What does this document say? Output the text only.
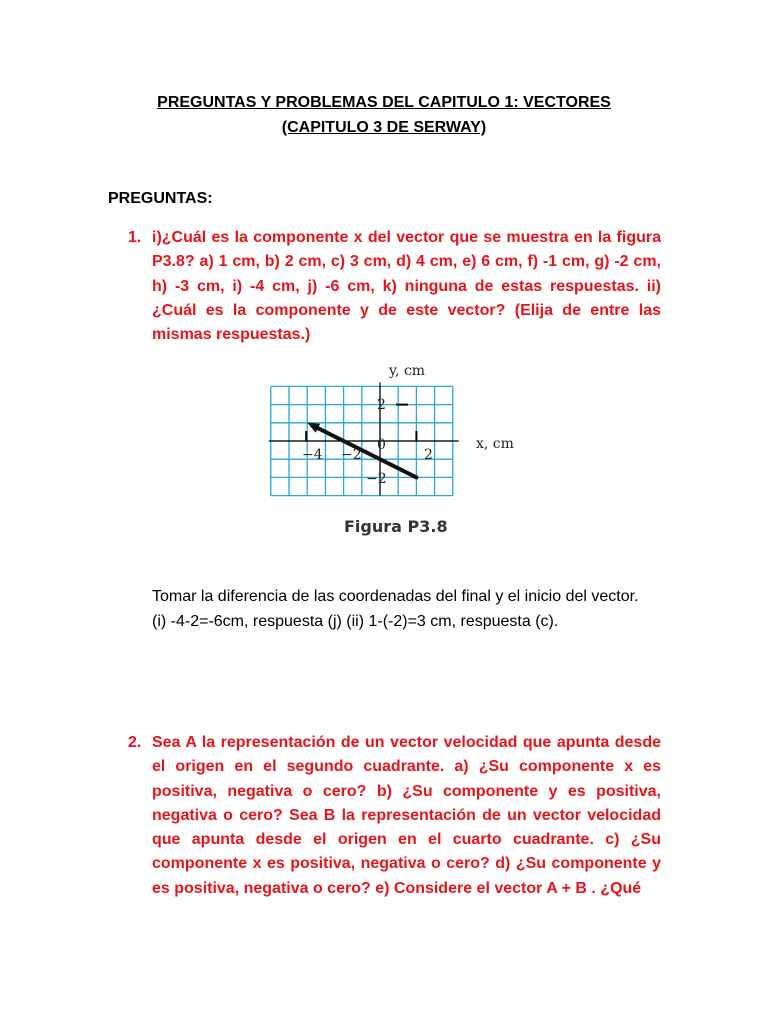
PREGUNTAS Y PROBLEMAS DEL CAPITULO 1: VECTORES
(CAPITULO 3 DE SERWAY)

PREGUNTAS:

1. i)¿Cuál es la componente x del vector que se muestra en la figura P3.8? a) 1 cm, b) 2 cm, c) 3 cm, d) 4 cm, e) 6 cm, f) -1 cm, g) -2 cm, h) -3 cm, i) -4 cm, j) -6 cm, k) ninguna de estas respuestas. ii) ¿Cuál es la componente y de este vector? (Elija de entre las mismas respuestas.)
y, cm
x, cm
2
0
−4 −2	2
−2
Figura P3.8

Tomar la diferencia de las coordenadas del final y el inicio del vector. (i) -4-2=-6cm, respuesta (j) (ii) 1-(-2)=3 cm, respuesta (c).

2. Sea A la representación de un vector velocidad que apunta desde el origen en el segundo cuadrante. a) ¿Su componente x es positiva, negativa o cero? b) ¿Su componente y es positiva, negativa o cero? Sea B la representación de un vector velocidad que apunta desde el origen en el cuarto cuadrante. c) ¿Su componente x es positiva, negativa o cero? d) ¿Su componente y es positiva, negativa o cero? e) Considere el vector A + B . ¿Qué
